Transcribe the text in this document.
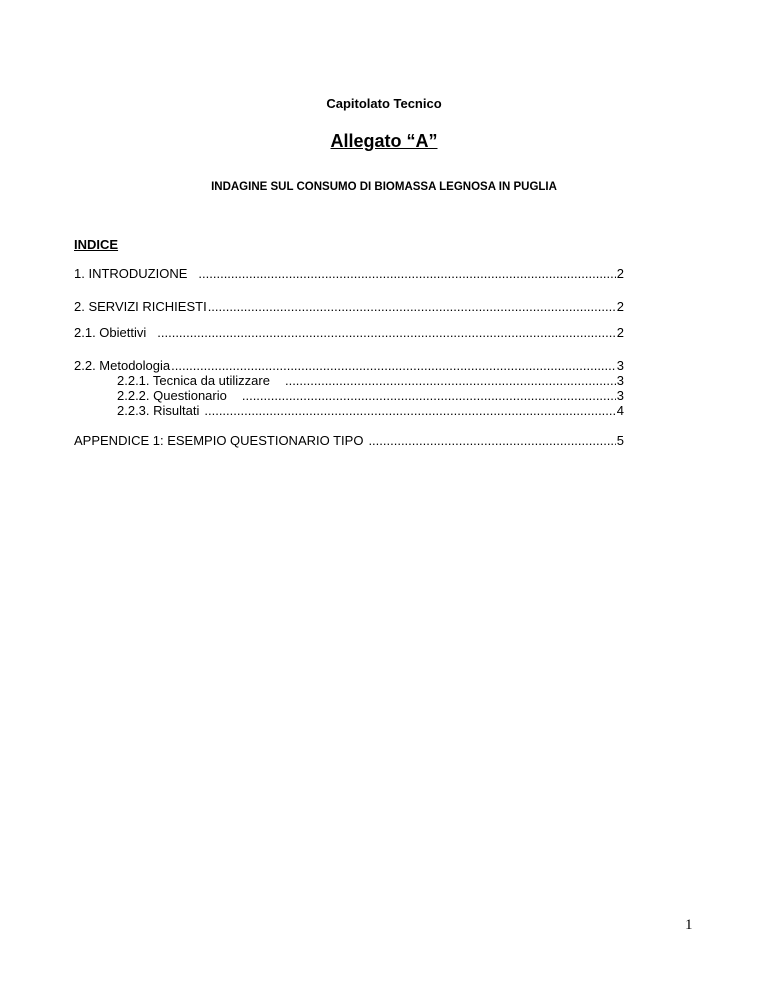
Capitolato Tecnico
Allegato “A”
INDAGINE SUL CONSUMO DI BIOMASSA LEGNOSA IN PUGLIA
INDICE
1. INTRODUZIONE .....	2
2. SERVIZI RICHIESTI .....	2
2.1. Obiettivi .....	2
2.2. Metodologia .....	3
2.2.1. Tecnica da utilizzare .....	3
2.2.2. Questionario .....	3
2.2.3. Risultati .....	4
APPENDICE 1: ESEMPIO QUESTIONARIO TIPO .....	5
1
